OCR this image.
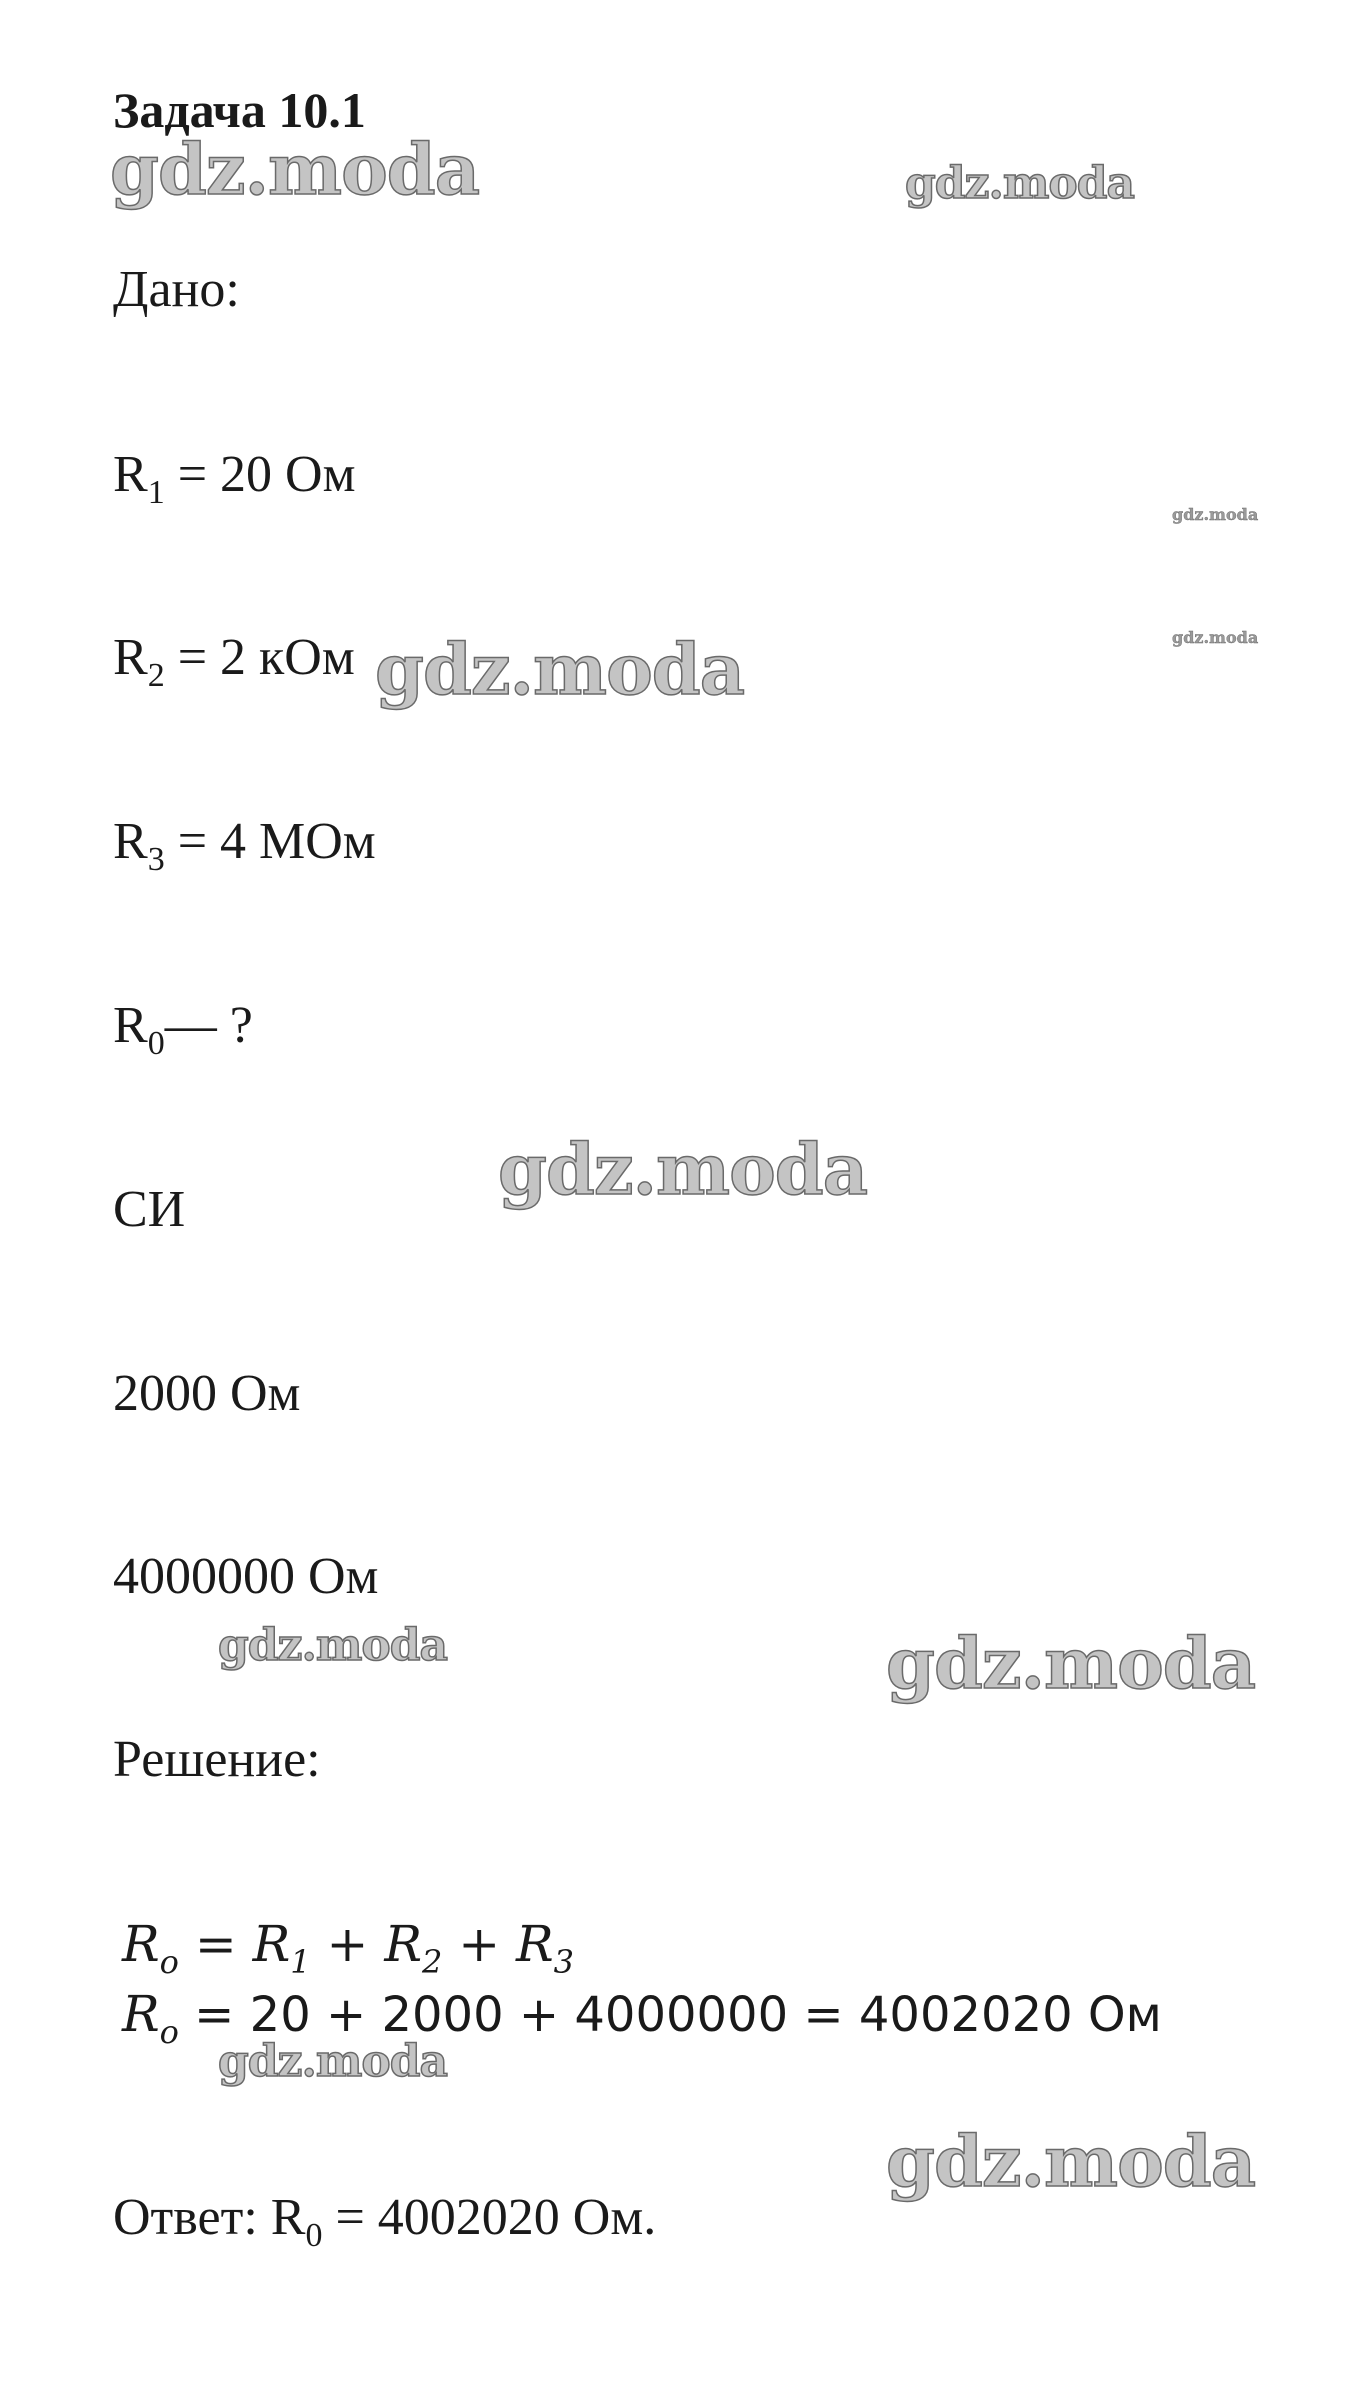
Задача 10.1
Дано:
$R_1 = 20$ Ом
$R_2 = 2$ кОм
$R_3 = 4$ МОм
$R_0—$ ?
СИ
2000 Ом
4000000 Ом
Решение:
$R_o = R_1 + R_2 + R_3$
$R_o = 20 + 2000 + 4000000 = 4002020$ Ом
Ответ: $R_0 = 4002020$ Ом.
gdz.moda	gdz.moda
gdz.moda
gdz.moda
gdz.moda
gdz.moda
gdz.moda	gdz.moda
gdz.moda
gdz.moda
